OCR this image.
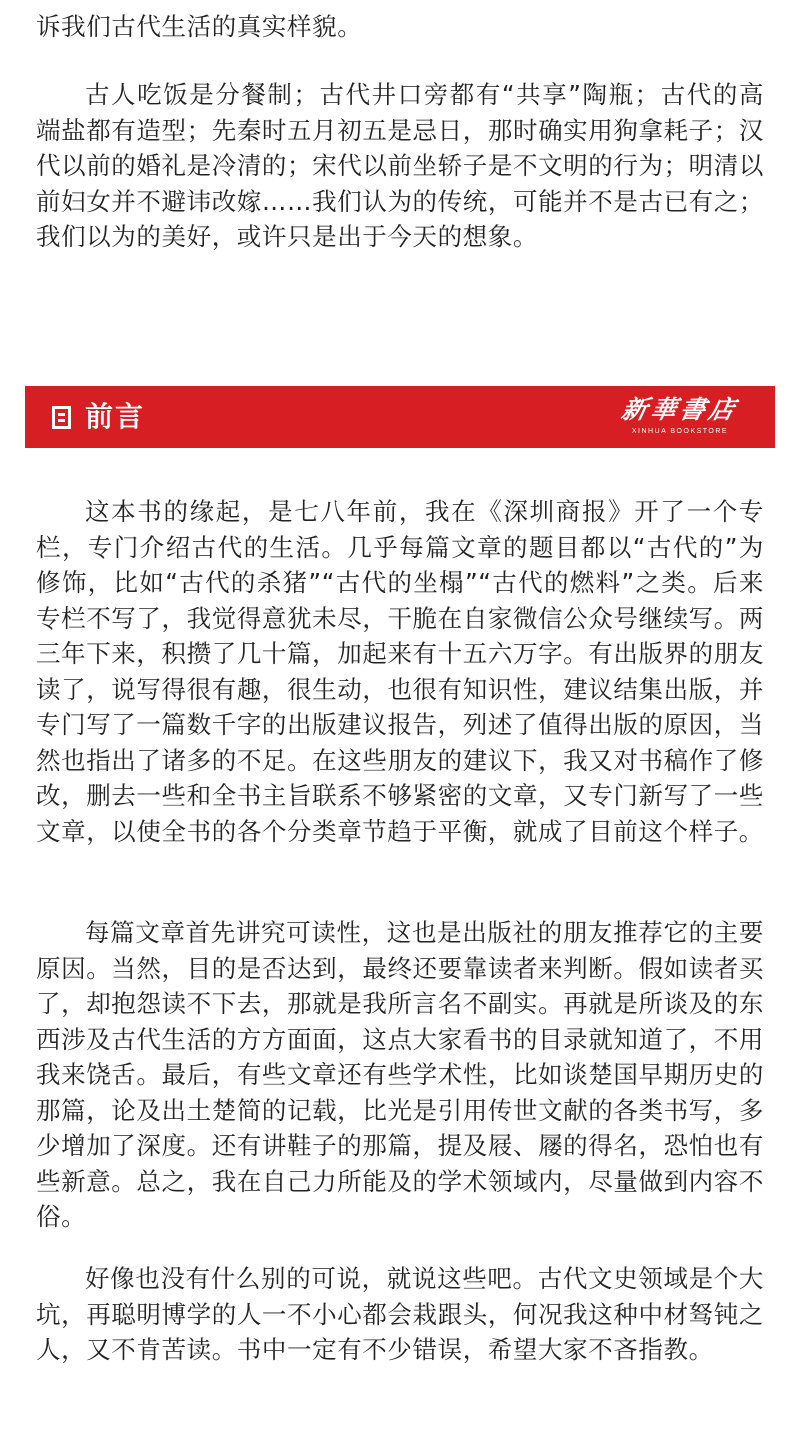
诉我们古代生活的真实样貌。

古人吃饭是分餐制；古代井口旁都有“共享”陶瓶；古代的高端盐都有造型；先秦时五月初五是忌日，那时确实用狗拿耗子；汉代以前的婚礼是冷清的；宋代以前坐轿子是不文明的行为；明清以前妇女并不避讳改嫁……我们认为的传统，可能并不是古已有之；我们以为的美好，或许只是出于今天的想象。

前言	新華書店
XINHUA BOOKSTORE

这本书的缘起，是七八年前，我在《深圳商报》开了一个专栏，专门介绍古代的生活。几乎每篇文章的题目都以“古代的”为修饰，比如“古代的杀猪”“古代的坐榻”“古代的燃料”之类。后来专栏不写了，我觉得意犹未尽，干脆在自家微信公众号继续写。两三年下来，积攒了几十篇，加起来有十五六万字。有出版界的朋友读了，说写得很有趣，很生动，也很有知识性，建议结集出版，并专门写了一篇数千字的出版建议报告，列述了值得出版的原因，当然也指出了诸多的不足。在这些朋友的建议下，我又对书稿作了修改，删去一些和全书主旨联系不够紧密的文章，又专门新写了一些文章，以使全书的各个分类章节趋于平衡，就成了目前这个样子。

每篇文章首先讲究可读性，这也是出版社的朋友推荐它的主要原因。当然，目的是否达到，最终还要靠读者来判断。假如读者买了，却抱怨读不下去，那就是我所言名不副实。再就是所谈及的东西涉及古代生活的方方面面，这点大家看书的目录就知道了，不用我来饶舌。最后，有些文章还有些学术性，比如谈楚国早期历史的那篇，论及出土楚简的记载，比光是引用传世文献的各类书写，多少增加了深度。还有讲鞋子的那篇，提及屐、屦的得名，恐怕也有些新意。总之，我在自己力所能及的学术领域内，尽量做到内容不俗。

好像也没有什么别的可说，就说这些吧。古代文史领域是个大坑，再聪明博学的人一不小心都会栽跟头，何况我这种中材驽钝之人，又不肯苦读。书中一定有不少错误，希望大家不吝指教。
